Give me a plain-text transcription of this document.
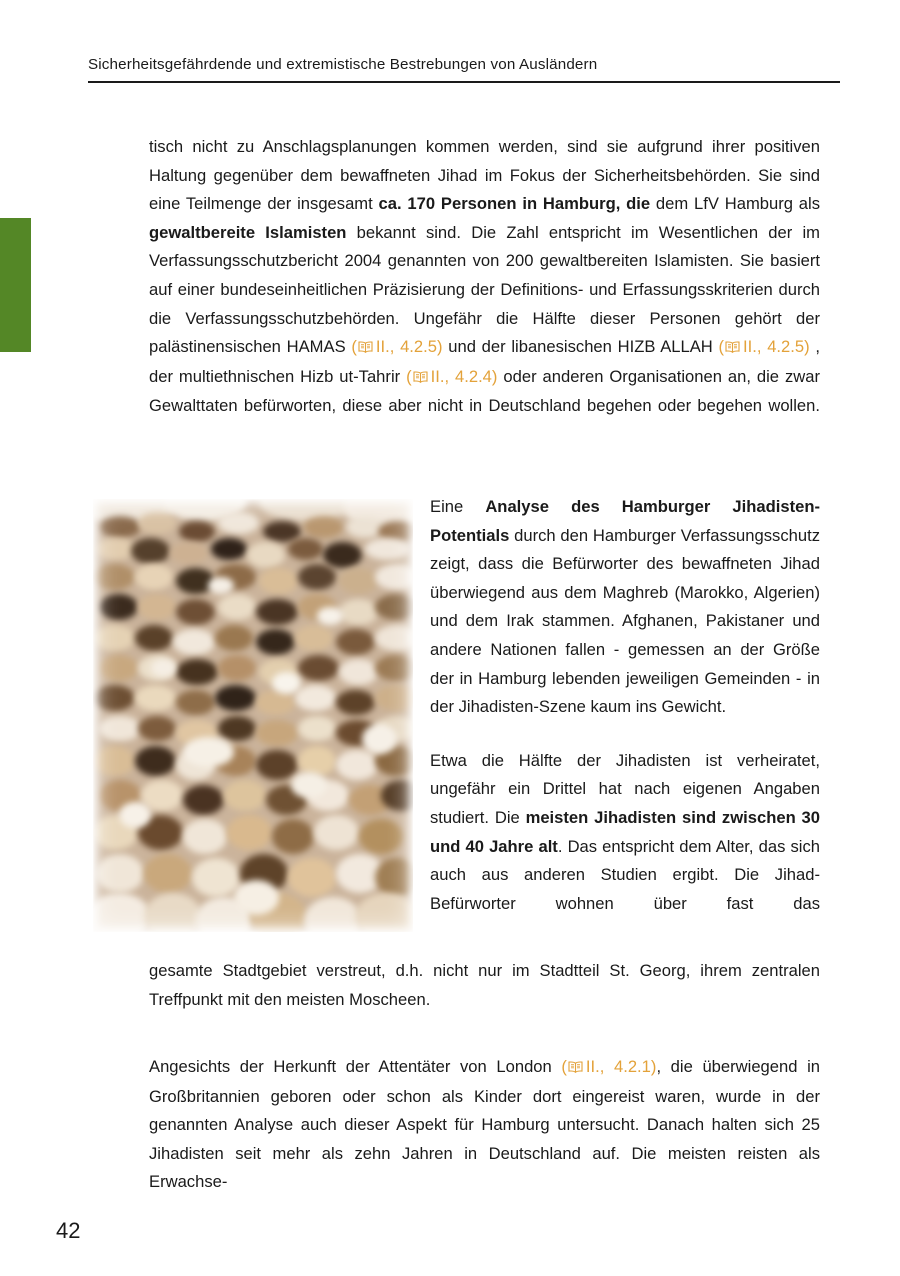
Sicherheitsgefährdende und extremistische Bestrebungen von Ausländern

tisch nicht zu Anschlagsplanungen kommen werden, sind sie aufgrund ihrer positiven Haltung gegenüber dem bewaffneten Jihad im Fokus der Sicherheitsbehörden. Sie sind eine Teilmenge der insgesamt ca. 170 Personen in Hamburg, die dem LfV Hamburg als gewaltbereite Islamisten bekannt sind. Die Zahl entspricht im Wesentlichen der im Verfassungsschutzbericht 2004 genannten von 200 gewaltbereiten Islamisten. Sie basiert auf einer bundeseinheitlichen Präzisierung der Definitions- und Erfassungsskriterien durch die Verfassungsschutzbehörden. Ungefähr die Hälfte dieser Personen gehört der palästinensischen HAMAS ( II., 4.2.5) und der libanesischen HIZB ALLAH ( II., 4.2.5) , der multiethnischen Hizb ut-Tahrir ( II., 4.2.4) oder anderen Organisationen an, die zwar Gewalttaten befürworten, diese aber nicht in Deutschland begehen oder begehen wollen.

Eine Analyse des Hamburger Jihadisten-Potentials durch den Hamburger Verfassungsschutz zeigt, dass die Befürworter des bewaffneten Jihad überwiegend aus dem Maghreb (Marokko, Algerien) und dem Irak stammen. Afghanen, Pakistaner und andere Nationen fallen - gemessen an der Größe der in Hamburg lebenden jeweiligen Gemeinden - in der Jihadisten-Szene kaum ins Gewicht.

Etwa die Hälfte der Jihadisten ist verheiratet, ungefähr ein Drittel hat nach eigenen Angaben studiert. Die meisten Jihadisten sind zwischen 30 und 40 Jahre alt. Das entspricht dem Alter, das sich auch aus anderen Studien ergibt. Die Jihad-Befürworter wohnen über fast das

gesamte Stadtgebiet verstreut, d.h. nicht nur im Stadtteil St. Georg, ihrem zentralen Treffpunkt mit den meisten Moscheen.

Angesichts der Herkunft der Attentäter von London ( II., 4.2.1), die überwiegend in Großbritannien geboren oder schon als Kinder dort eingereist waren, wurde in der genannten Analyse auch dieser Aspekt für Hamburg untersucht. Danach halten sich 25 Jihadisten seit mehr als zehn Jahren in Deutschland auf. Die meisten reisten als Erwachse-

42
